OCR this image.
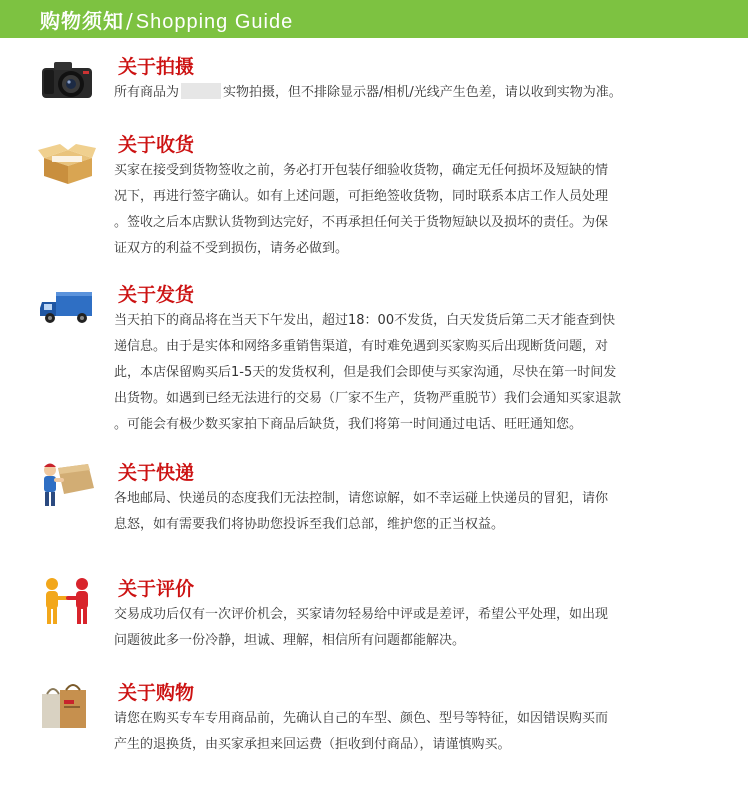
购物须知 / Shopping Guide
关于拍摄
所有商品为	实物拍摄，但不排除显示器/相机/光线产生色差，请以收到实物为准。
关于收货
买家在接受到货物签收之前，务必打开包装仔细验收货物，确定无任何损坏及短缺的情
况下，再进行签字确认。如有上述问题，可拒绝签收货物，同时联系本店工作人员处理
。签收之后本店默认货物到达完好，不再承担任何关于货物短缺以及损坏的责任。为保
证双方的利益不受到损伤，请务必做到。
关于发货
当天拍下的商品将在当天下午发出，超过18：00不发货，白天发货后第二天才能查到快
递信息。由于是实体和网络多重销售渠道，有时难免遇到买家购买后出现断货问题，对
此，本店保留购买后1-5天的发货权利，但是我们会即使与买家沟通，尽快在第一时间发
出货物。如遇到已经无法进行的交易（厂家不生产，货物严重脱节）我们会通知买家退款
。可能会有极少数买家拍下商品后缺货，我们将第一时间通过电话、旺旺通知您。
关于快递
各地邮局、快递员的态度我们无法控制，请您谅解，如不幸运碰上快递员的冒犯，请你
息怒，如有需要我们将协助您投诉至我们总部，维护您的正当权益。
关于评价
交易成功后仅有一次评价机会，买家请勿轻易给中评或是差评，希望公平处理，如出现
问题彼此多一份冷静，坦诚、理解，相信所有问题都能解决。
关于购物
请您在购买专车专用商品前，先确认自己的车型、颜色、型号等特征，如因错误购买而
产生的退换货，由买家承担来回运费（拒收到付商品），请谨慎购买。
